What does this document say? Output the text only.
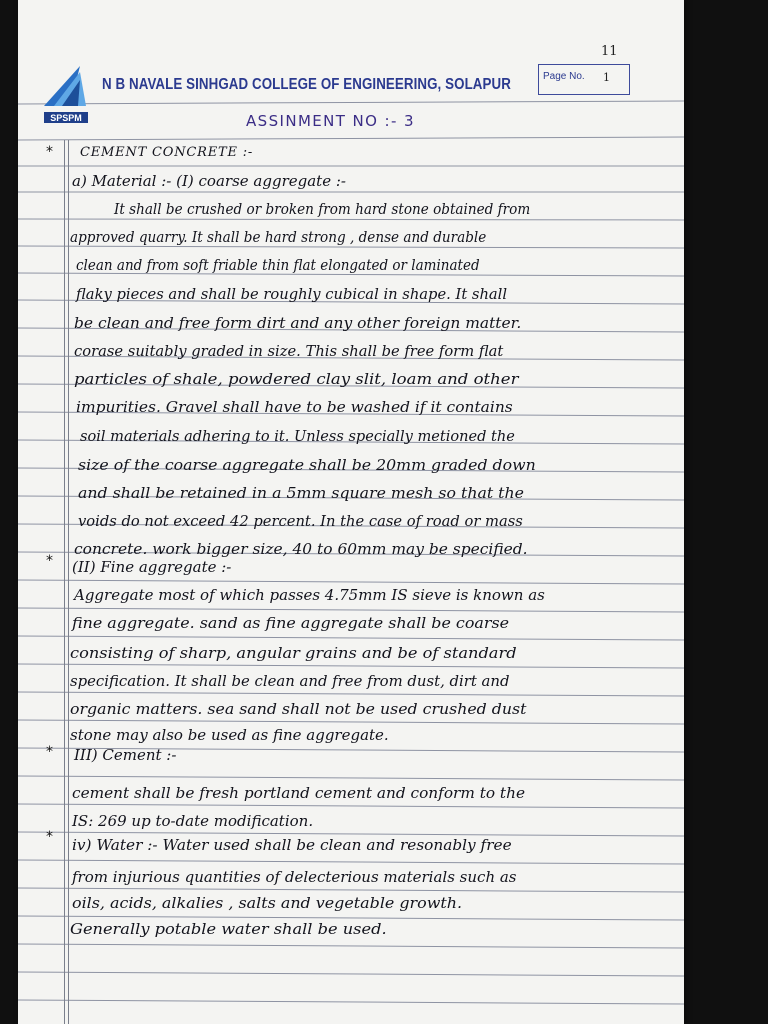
SPSPM
N B NAVALE SINHGAD COLLEGE OF ENGINEERING, SOLAPUR
11
Page No. 1
ASSINMENT NO :- 3
*
*
*
*
CEMENT CONCRETE :-
a) Material :- (I) coarse aggregate :-
It shall be crushed or broken from hard stone obtained from
approved quarry. It shall be hard strong , dense and durable
clean and from soft friable thin flat elongated or laminated
flaky pieces and shall be roughly cubical in shape. It shall
be clean and free form dirt and any other foreign matter.
corase suitably graded in size. This shall be free form flat
particles of shale, powdered clay slit, loam and other
impurities. Gravel shall have to be washed if it contains
soil materials adhering to it. Unless specially metioned the
size of the coarse aggregate shall be 20mm graded down
and shall be retained in a 5mm square mesh so that the
voids do not exceed 42 percent. In the case of road or mass
concrete. work bigger size, 40 to 60mm may be specified.
(II) Fine aggregate :-
Aggregate most of which passes 4.75mm IS sieve is known as
fine aggregate. sand as fine aggregate shall be coarse
consisting of sharp, angular grains and be of standard
specification. It shall be clean and free from dust, dirt and
organic matters. sea sand shall not be used crushed dust
stone may also be used as fine aggregate.
III) Cement :-
cement shall be fresh portland cement and conform to the
IS: 269 up to-date modification.
iv) Water :- Water used shall be clean and resonably free
from injurious quantities of delecterious materials such as
oils, acids, alkalies , salts and vegetable growth.
Generally potable water shall be used.
